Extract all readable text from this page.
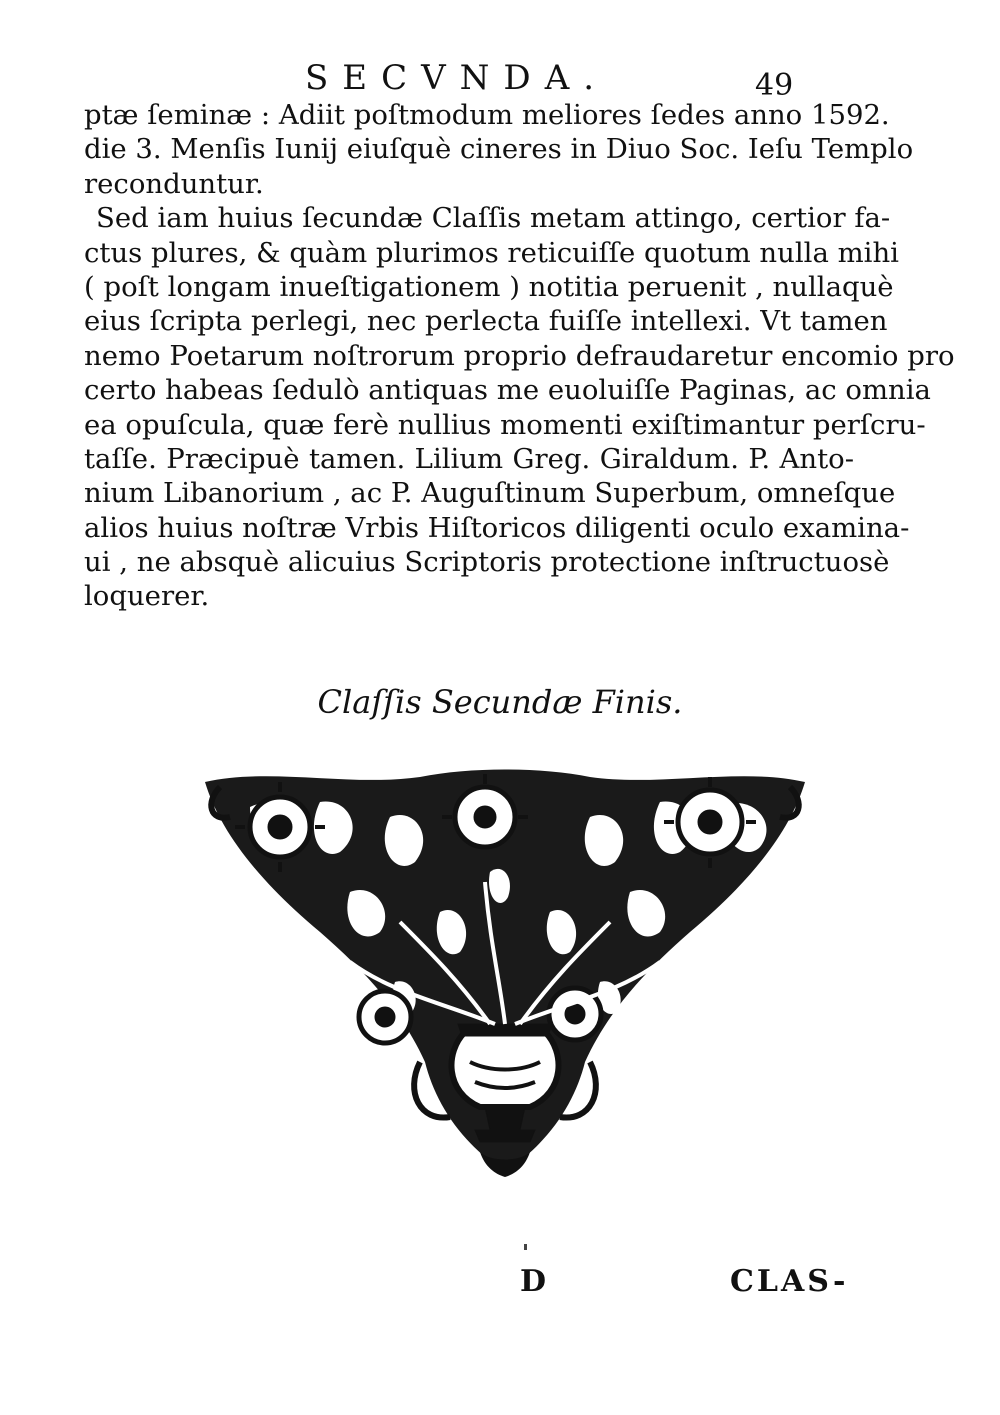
SECVNDA.	49
ptæ ſeminæ : Adiit poſtmodum meliores ſedes anno 1592.
die 3. Menſis Iunij eiuſquè cineres in Diuo Soc. Ieſu Templo
reconduntur.
Sed iam huius ſecundæ Claſſis metam attingo, certior fa-
ctus plures, & quàm plurimos reticuiſſe quotum nulla mihi
( poſt longam inueſtigationem ) notitia peruenit , nullaquè
eius ſcripta perlegi, nec perlecta fuiſſe intellexi. Vt tamen
nemo Poetarum noſtrorum proprio defraudaretur encomio pro
certo habeas ſedulò antiquas me euoluiſſe Paginas, ac omnia
ea opuſcula, quæ ferè nullius momenti exiſtimantur perſcru-
taſſe. Præcipuè tamen. Lilium Greg. Giraldum. P. Anto-
nium Libanorium , ac P. Auguſtinum Superbum, omneſque
alios huius noſtræ Vrbis Hiſtoricos diligenti oculo examina-
ui , ne absquè alicuius Scriptoris protectione inſtructuosè
loquerer.
Claſſis Secundæ Finis.
D	CLAS-
